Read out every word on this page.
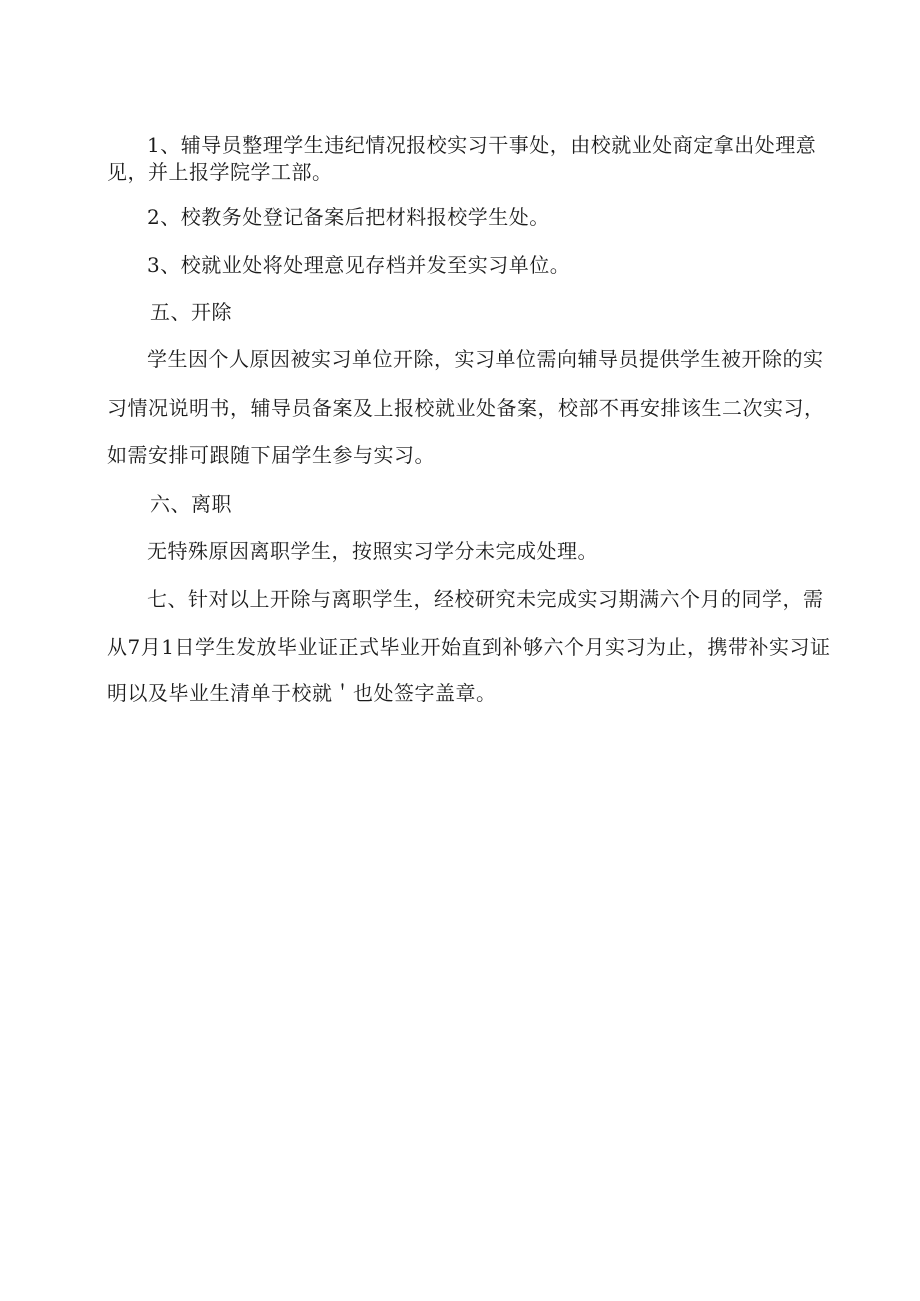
1、辅导员整理学生违纪情况报校实习干事处，由校就业处商定拿出处理意
见，并上报学院学工部。
2、校教务处登记备案后把材料报校学生处。
3、校就业处将处理意见存档并发至实习单位。
五、开除
学生因个人原因被实习单位开除，实习单位需向辅导员提供学生被开除的实
习情况说明书，辅导员备案及上报校就业处备案，校部不再安排该生二次实习，
如需安排可跟随下届学生参与实习。
六、离职
无特殊原因离职学生，按照实习学分未完成处理。
七、针对以上开除与离职学生，经校研究未完成实习期满六个月的同学，需
从7月1日学生发放毕业证正式毕业开始直到补够六个月实习为止，携带补实习证
明以及毕业生清单于校就＇也处签字盖章。
